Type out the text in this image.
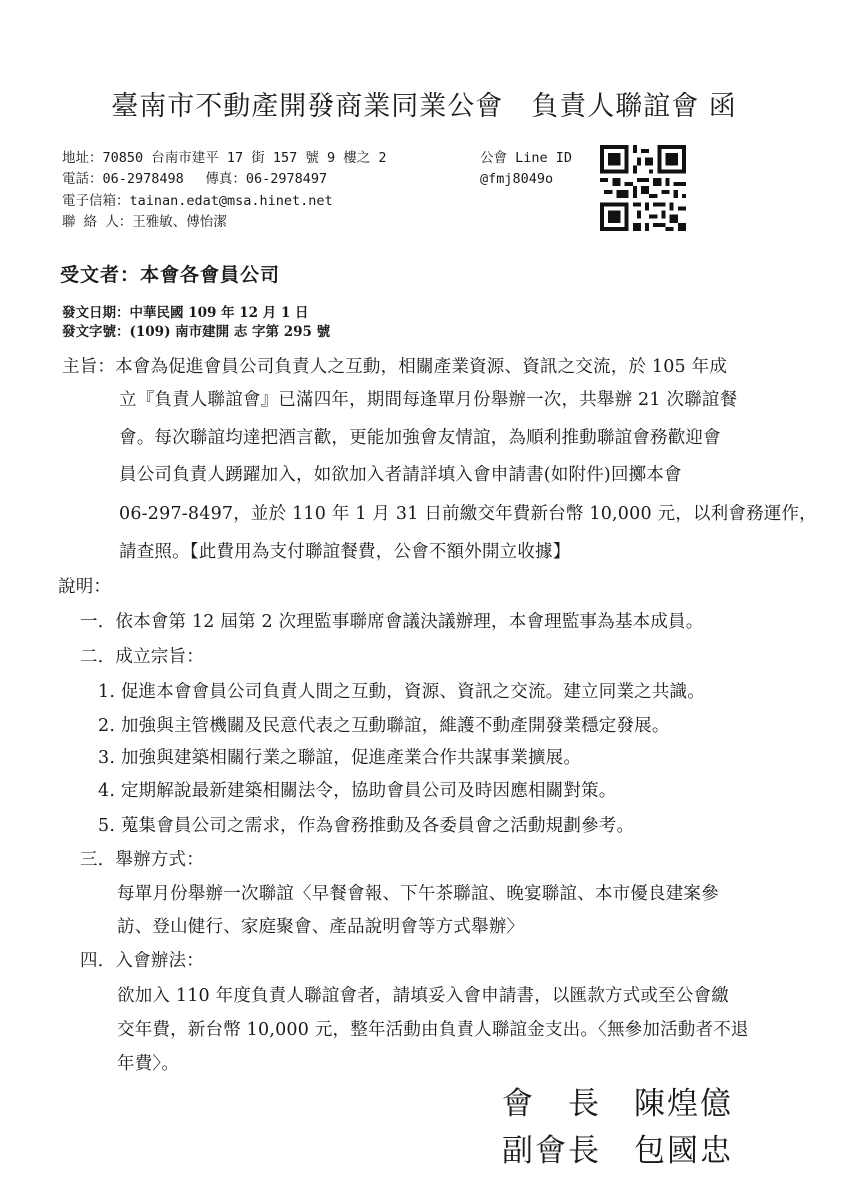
臺南市不動產開發商業同業公會　負責人聯誼會 函
地址：70850 台南市建平 17 街 157 號 9 樓之 2
電話：06-2978498　 傳真：06-2978497
電子信箱：tainan.edat@msa.hinet.net
聯 絡 人：王雅敏、傅怡潔
公會 Line ID
@fmj8049o
受文者：本會各會員公司
發文日期：中華民國 109 年 12 月 1 日
發文字號：(109) 南市建開 志 字第 295 號
主旨：本會為促進會員公司負責人之互動，相關產業資源、資訊之交流，於 105 年成
立『負責人聯誼會』已滿四年，期間每逢單月份舉辦一次，共舉辦 21 次聯誼餐
會。每次聯誼均達把酒言歡，更能加強會友情誼，為順利推動聯誼會務歡迎會
員公司負責人踴躍加入，如欲加入者請詳填入會申請書(如附件)回擲本會
06-297-8497，並於 110 年 1 月 31 日前繳交年費新台幣 10,000 元，以利會務運作，
請查照。【此費用為支付聯誼餐費，公會不額外開立收據】
說明：
一．依本會第 12 屆第 2 次理監事聯席會議決議辦理，本會理監事為基本成員。
二．成立宗旨：
1. 促進本會會員公司負責人間之互動，資源、資訊之交流。建立同業之共識。
2. 加強與主管機關及民意代表之互動聯誼，維護不動產開發業穩定發展。
3. 加強與建築相關行業之聯誼，促進產業合作共謀事業擴展。
4. 定期解說最新建築相關法令，協助會員公司及時因應相關對策。
5. 蒐集會員公司之需求，作為會務推動及各委員會之活動規劃參考。
三．舉辦方式：
每單月份舉辦一次聯誼〈早餐會報、下午茶聯誼、晚宴聯誼、本市優良建案參
訪、登山健行、家庭聚會、產品說明會等方式舉辦〉
四．入會辦法：
欲加入 110 年度負責人聯誼會者，請填妥入會申請書，以匯款方式或至公會繳
交年費，新台幣 10,000 元，整年活動由負責人聯誼金支出。〈無參加活動者不退
年費〉。
會　長　陳煌億
副會長　包國忠
